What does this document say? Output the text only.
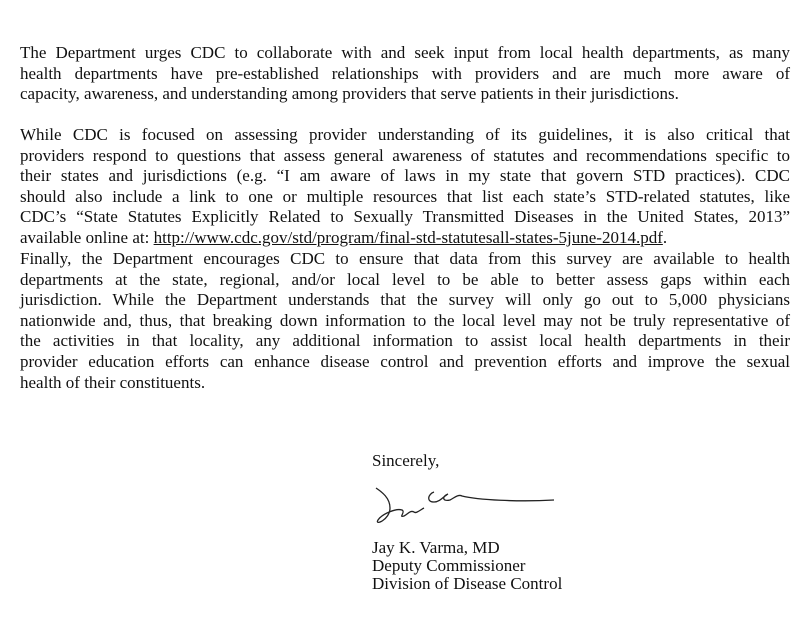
The Department urges CDC to collaborate with and seek input from local health departments, as many
health departments have pre-established relationships with providers and are much more aware of
capacity, awareness, and understanding among providers that serve patients in their jurisdictions.
While CDC is focused on assessing provider understanding of its guidelines, it is also critical that
providers respond to questions that assess general awareness of statutes and recommendations specific to
their states and jurisdictions (e.g. “I am aware of laws in my state that govern STD practices). CDC
should also include a link to one or multiple resources that list each state’s STD-related statutes, like
CDC’s “State Statutes Explicitly Related to Sexually Transmitted Diseases in the United States, 2013”
available online at: http://www.cdc.gov/std/program/final-std-statutesall-states-5june-2014.pdf.
Finally, the Department encourages CDC to ensure that data from this survey are available to health
departments at the state, regional, and/or local level to be able to better assess gaps within each
jurisdiction. While the Department understands that the survey will only go out to 5,000 physicians
nationwide and, thus, that breaking down information to the local level may not be truly representative of
the activities in that locality, any additional information to assist local health departments in their
provider education efforts can enhance disease control and prevention efforts and improve the sexual
health of their constituents.
Sincerely,
Jay K. Varma, MD
Deputy Commissioner
Division of Disease Control
